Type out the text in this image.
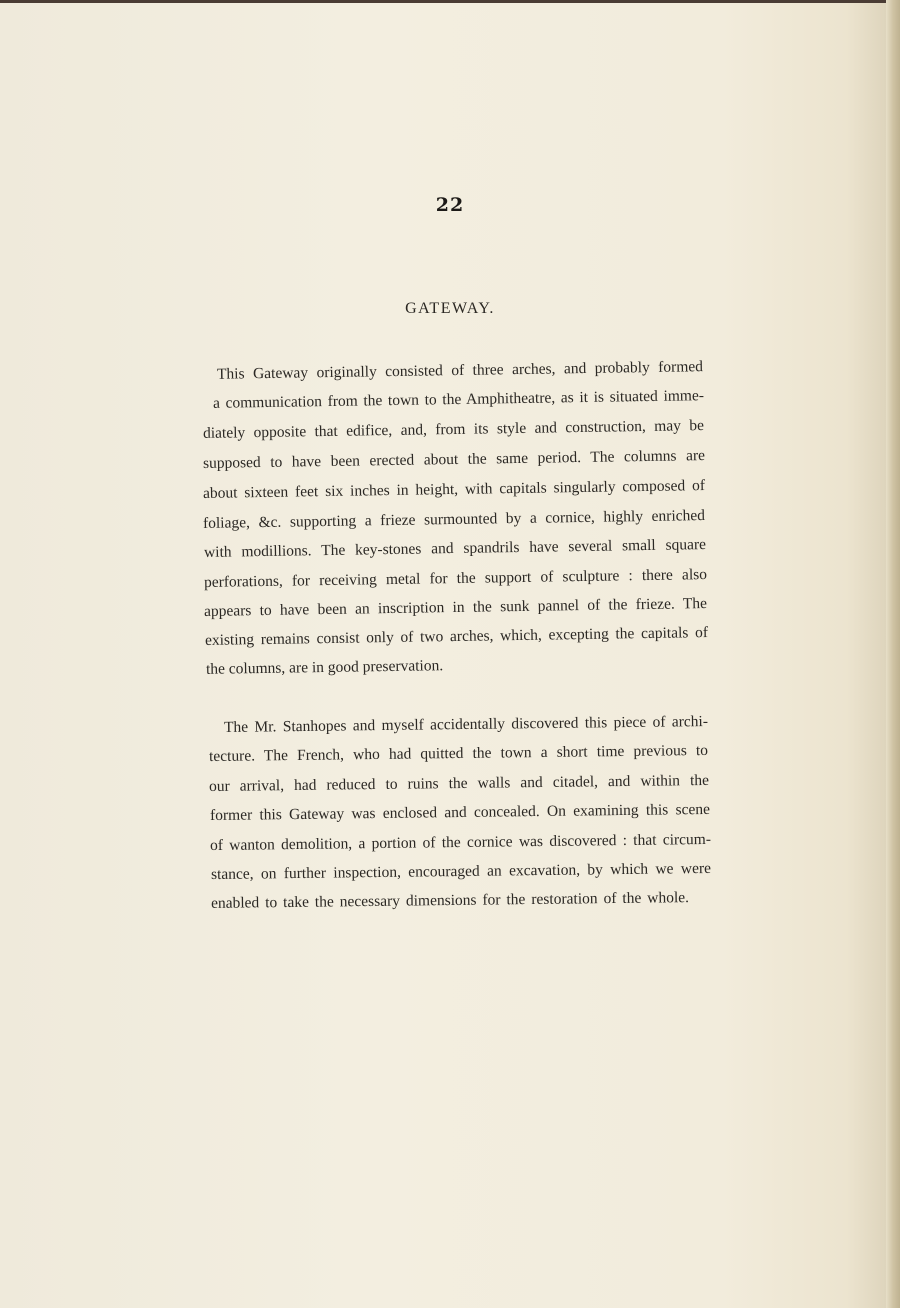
22
GATEWAY.
This Gateway originally consisted of three arches, and probably formed
a communication from the town to the Amphitheatre, as it is situated imme-
diately opposite that edifice, and, from its style and construction, may be
supposed to have been erected about the same period. The columns are
about sixteen feet six inches in height, with capitals singularly composed of
foliage, &c. supporting a frieze surmounted by a cornice, highly enriched
with modillions. The key-stones and spandrils have several small square
perforations, for receiving metal for the support of sculpture : there also
appears to have been an inscription in the sunk pannel of the frieze. The
existing remains consist only of two arches, which, excepting the capitals of
the columns, are in good preservation.
The Mr. Stanhopes and myself accidentally discovered this piece of archi-
tecture. The French, who had quitted the town a short time previous to
our arrival, had reduced to ruins the walls and citadel, and within the
former this Gateway was enclosed and concealed. On examining this scene
of wanton demolition, a portion of the cornice was discovered : that circum-
stance, on further inspection, encouraged an excavation, by which we were
enabled to take the necessary dimensions for the restoration of the whole.
